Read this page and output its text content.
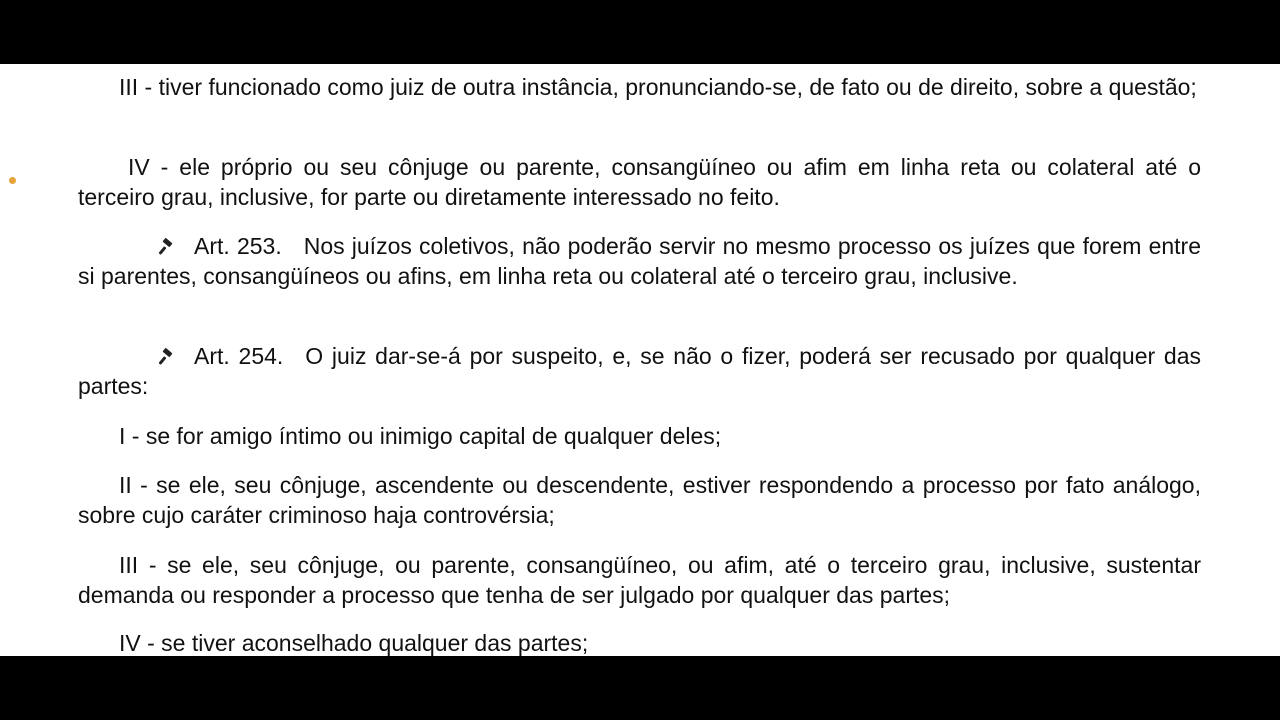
III - tiver funcionado como juiz de outra instância, pronunciando-se, de fato ou de direito, sobre a questão;

IV - ele próprio ou seu cônjuge ou parente, consangüíneo ou afim em linha reta ou colateral até o terceiro grau, inclusive, for parte ou diretamente interessado no feito.

Art. 253. Nos juízos coletivos, não poderão servir no mesmo processo os juízes que forem entre si parentes, consangüíneos ou afins, em linha reta ou colateral até o terceiro grau, inclusive.

Art. 254. O juiz dar-se-á por suspeito, e, se não o fizer, poderá ser recusado por qualquer das partes:

I - se for amigo íntimo ou inimigo capital de qualquer deles;

II - se ele, seu cônjuge, ascendente ou descendente, estiver respondendo a processo por fato análogo, sobre cujo caráter criminoso haja controvérsia;

III - se ele, seu cônjuge, ou parente, consangüíneo, ou afim, até o terceiro grau, inclusive, sustentar demanda ou responder a processo que tenha de ser julgado por qualquer das partes;

IV - se tiver aconselhado qualquer das partes;
